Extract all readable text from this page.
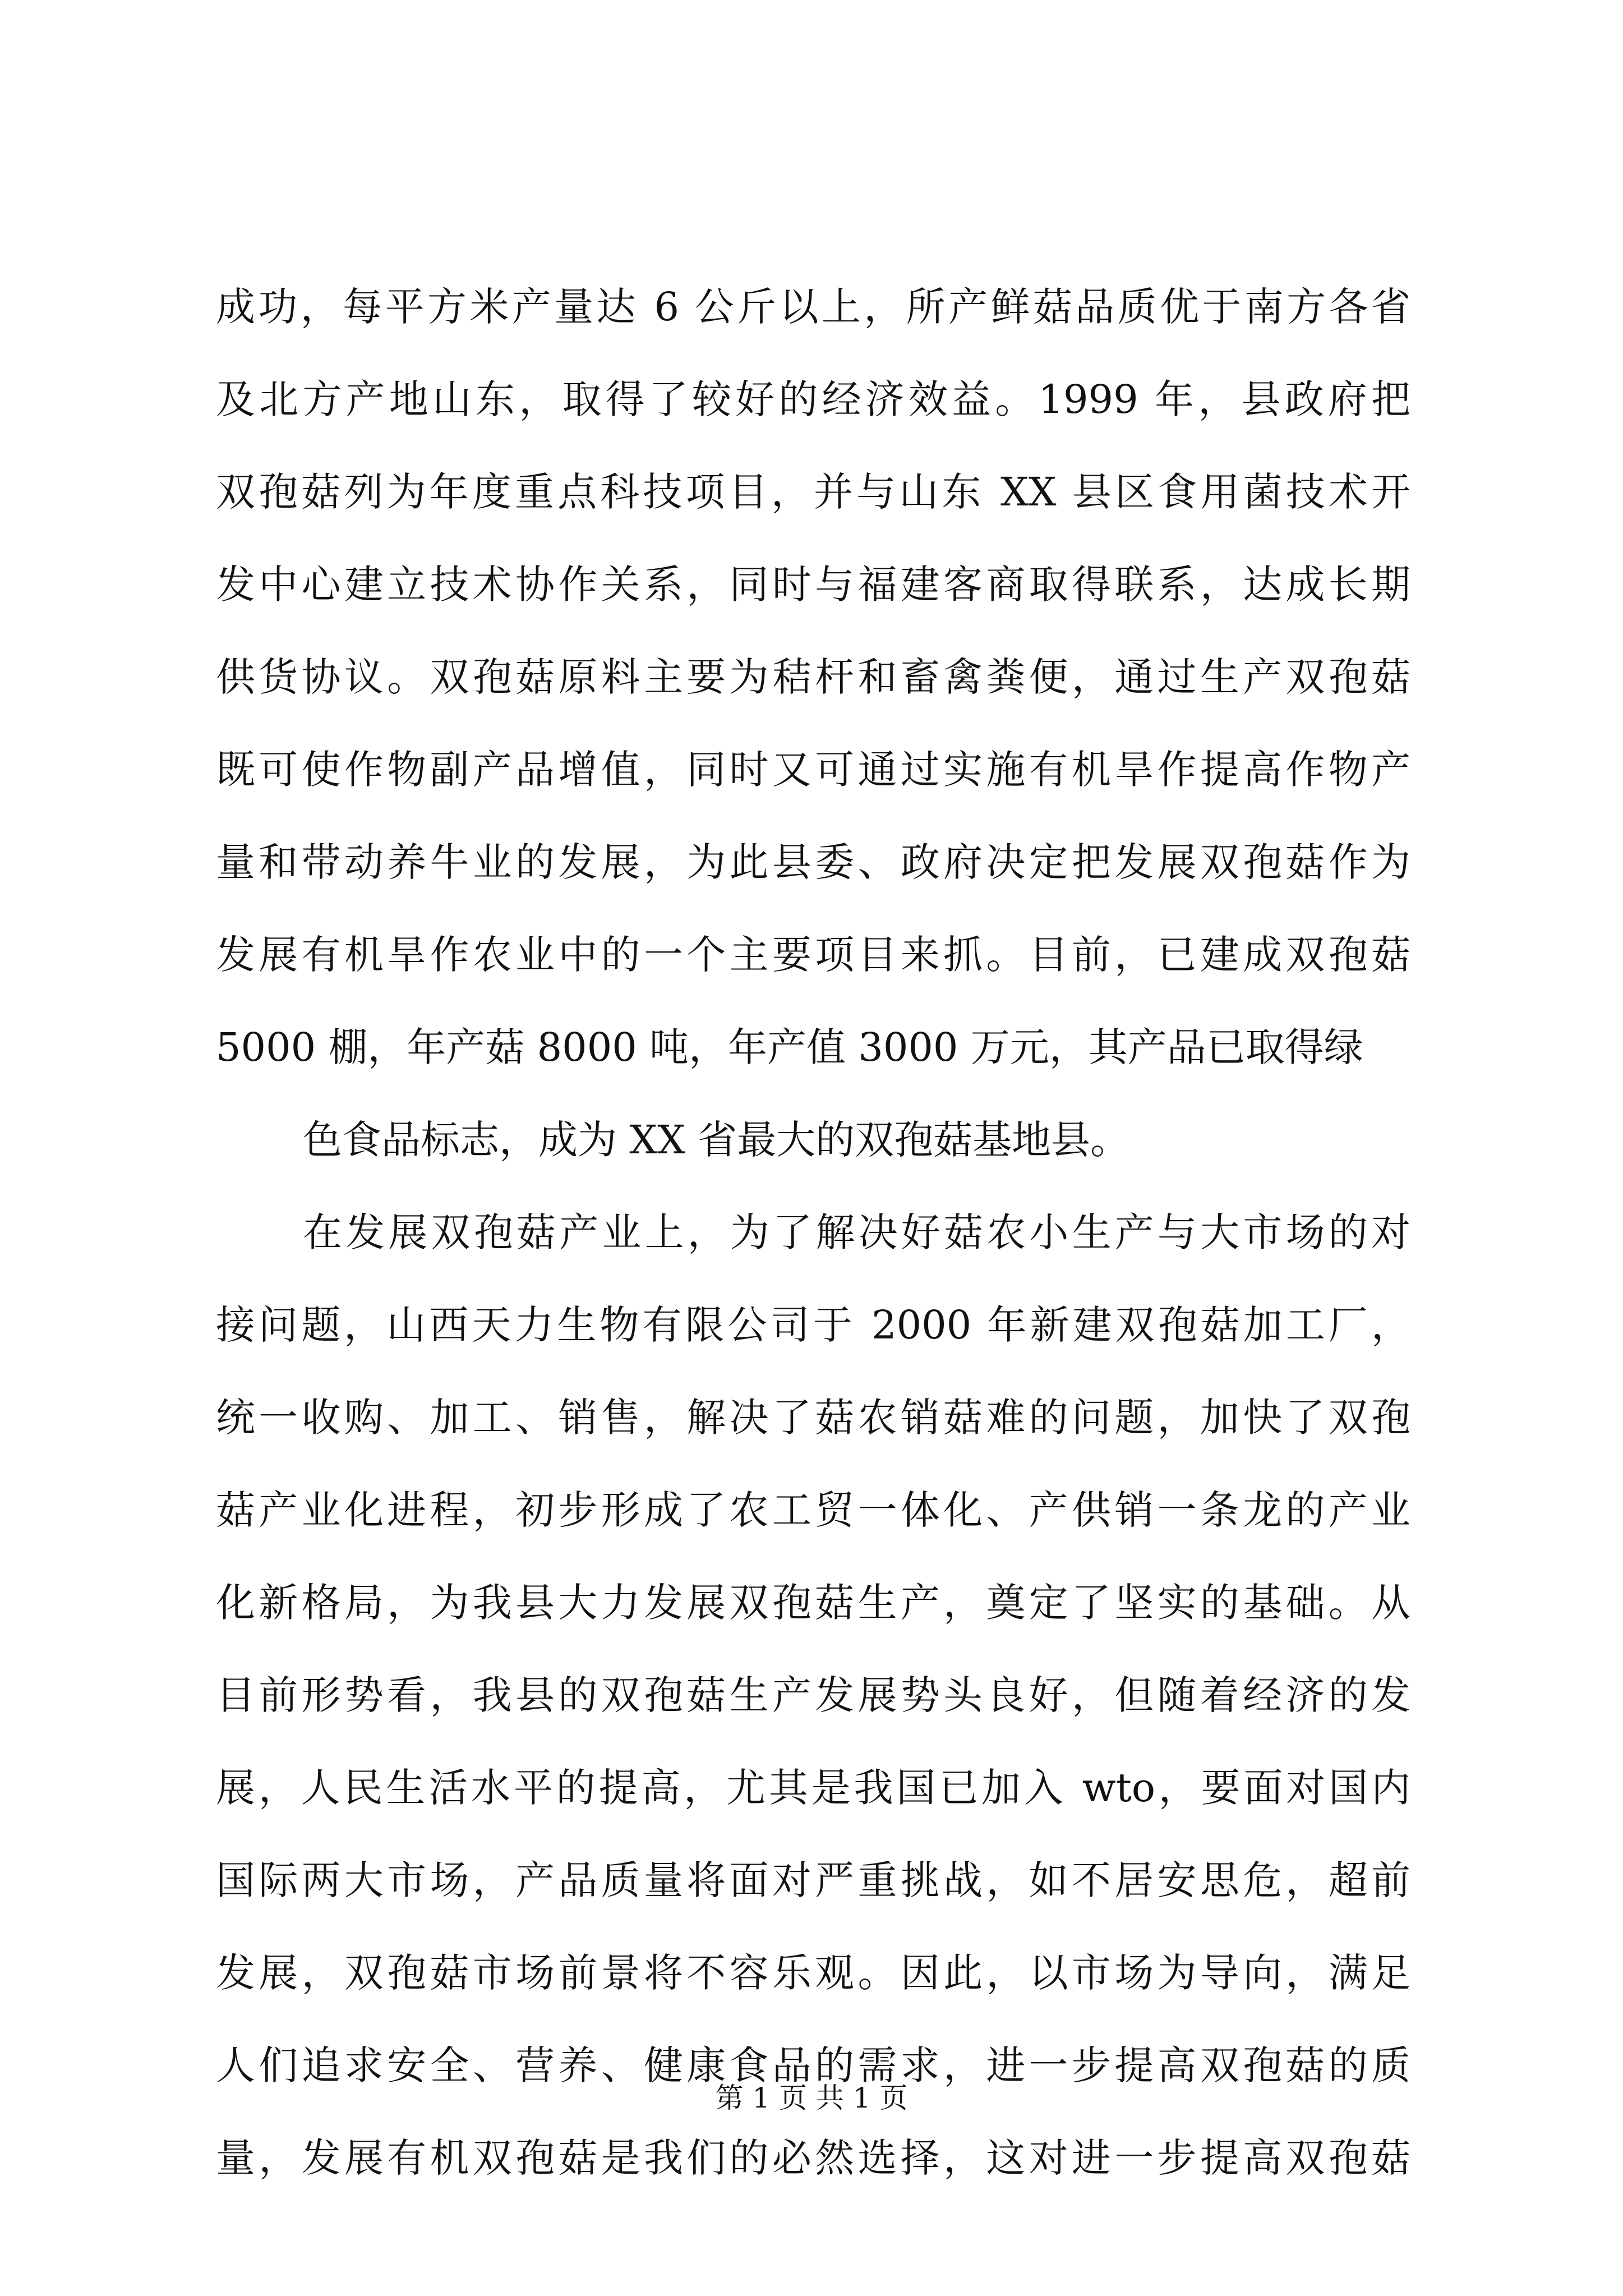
成功，每平方米产量达 6 公斤以上，所产鲜菇品质优于南方各省
及北方产地山东，取得了较好的经济效益。1999 年，县政府把
双孢菇列为年度重点科技项目，并与山东 XX 县区食用菌技术开
发中心建立技术协作关系，同时与福建客商取得联系，达成长期
供货协议。双孢菇原料主要为秸杆和畜禽粪便，通过生产双孢菇
既可使作物副产品增值，同时又可通过实施有机旱作提高作物产
量和带动养牛业的发展，为此县委、政府决定把发展双孢菇作为
发展有机旱作农业中的一个主要项目来抓。目前，已建成双孢菇
5000 棚，年产菇 8000 吨，年产值 3000 万元，其产品已取得绿
色食品标志，成为 XX 省最大的双孢菇基地县。
在发展双孢菇产业上，为了解决好菇农小生产与大市场的对
接问题，山西天力生物有限公司于 2000 年新建双孢菇加工厂，
统一收购、加工、销售，解决了菇农销菇难的问题，加快了双孢
菇产业化进程，初步形成了农工贸一体化、产供销一条龙的产业
化新格局，为我县大力发展双孢菇生产，奠定了坚实的基础。从
目前形势看，我县的双孢菇生产发展势头良好，但随着经济的发
展，人民生活水平的提高，尤其是我国已加入 wto，要面对国内
国际两大市场，产品质量将面对严重挑战，如不居安思危，超前
发展，双孢菇市场前景将不容乐观。因此，以市场为导向，满足
人们追求安全、营养、健康食品的需求，进一步提高双孢菇的质
量，发展有机双孢菇是我们的必然选择，这对进一步提高双孢菇
第 1 页 共 1 页
